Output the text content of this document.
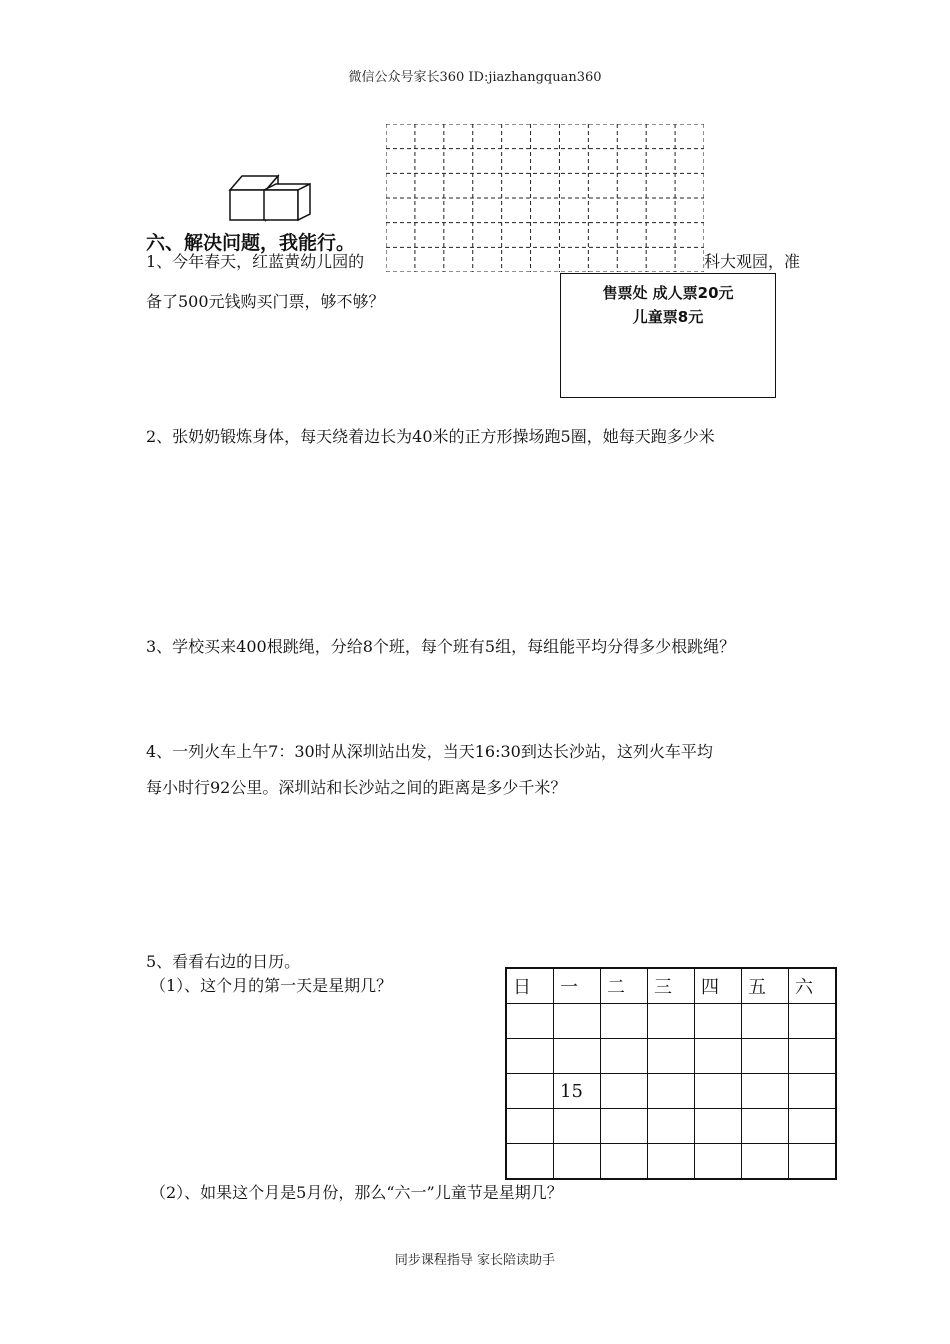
微信公众号家长360 ID:jiazhangquan360
六、解决问题，我能行。
1、今年春天，红蓝黄幼儿园的	科大观园，准
备了500元钱购买门票，够不够？	售票处 成人票20元
儿童票8元
2、张奶奶锻炼身体，每天绕着边长为40米的正方形操场跑5圈，她每天跑多少米
3、学校买来400根跳绳，分给8个班，每个班有5组，每组能平均分得多少根跳绳？
4、一列火车上午7：30时从深圳站出发，当天16:30到达长沙站，这列火车平均
每小时行92公里。深圳站和长沙站之间的距离是多少千米？
5、看看右边的日历。
（1）、这个月的第一天是星期几？	日	一	二	三	四	五	六

	15					

（2）、如果这个月是5月份，那么“六一”儿童节是星期几？
同步课程指导 家长陪读助手
